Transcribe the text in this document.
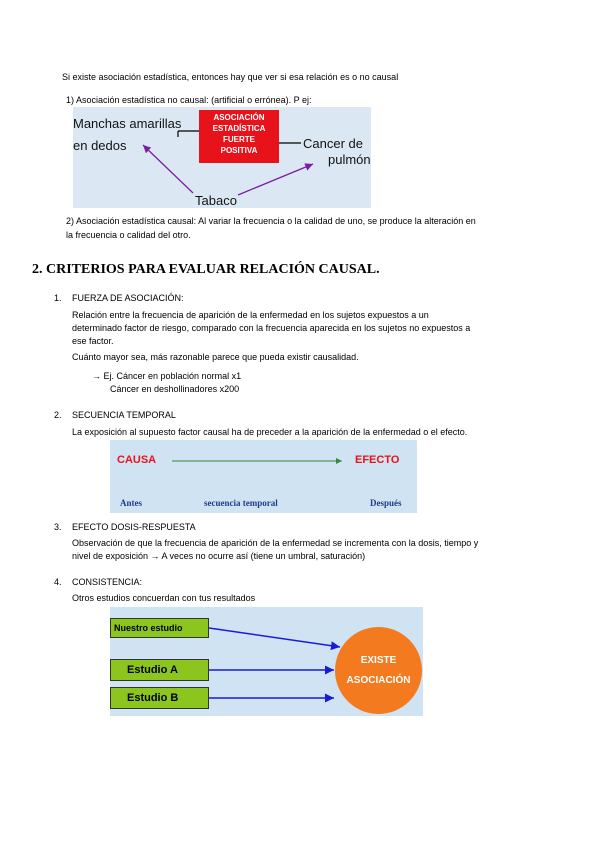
Si existe asociación estadística, entonces hay que ver si esa relación es o no causal
1) Asociación estadística no causal: (artificial o errónea). P ej:
Manchas amarillas
en dedos
ASOCIACIÓN
ESTADÍSTICA
FUERTE
POSITIVA	Cancer de
pulmón
Tabaco
2) Asociación estadística causal: Al variar la frecuencia o la calidad de uno, se produce la alteración en
la frecuencia o calidad del otro.
2. CRITERIOS PARA EVALUAR RELACIÓN CAUSAL.
1. FUERZA DE ASOCIACIÓN:
Relación entre la frecuencia de aparición de la enfermedad en los sujetos expuestos a un
determinado factor de riesgo, comparado con la frecuencia aparecida en los sujetos no expuestos a
ese factor.
Cuánto mayor sea, más razonable parece que pueda existir causalidad.
→ Ej. Cáncer en población normal x1
Cáncer en deshollinadores x200
2. SECUENCIA TEMPORAL
La exposición al supuesto factor causal ha de preceder a la aparición de la enfermedad o el efecto.
CAUSA	EFECTO
Antes	secuencia temporal	Después
3. EFECTO DOSIS-RESPUESTA
Observación de que la frecuencia de aparición de la enfermedad se incrementa con la dosis, tiempo y
nivel de exposición → A veces no ocurre así (tiene un umbral, saturación)
4. CONSISTENCIA:
Otros estudios concuerdan con tus resultados
Nuestro estudio
Estudio A
Estudio B
EXISTE
ASOCIACIÓN
